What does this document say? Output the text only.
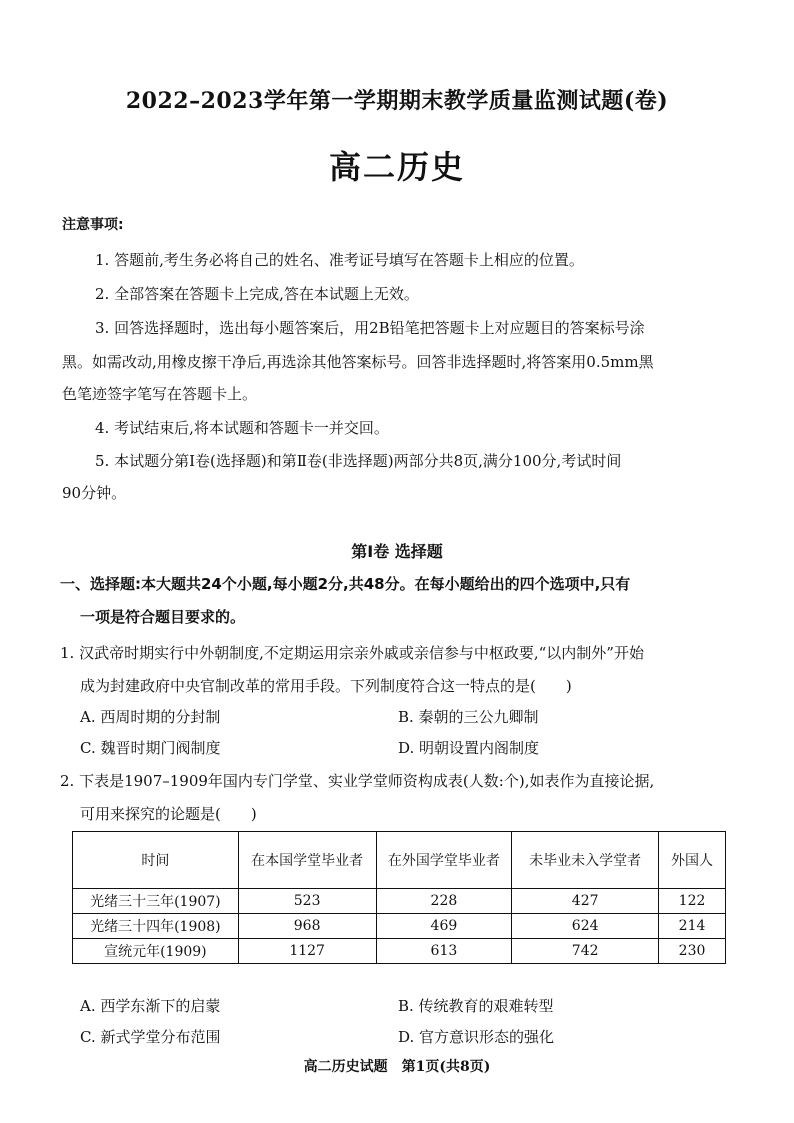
2022–2023学年第一学期期末教学质量监测试题(卷)
高二历史
注意事项:
1. 答题前,考生务必将自己的姓名、准考证号填写在答题卡上相应的位置。
2. 全部答案在答题卡上完成,答在本试题上无效。
3. 回答选择题时，选出每小题答案后，用2B铅笔把答题卡上对应题目的答案标号涂
黑。如需改动,用橡皮擦干净后,再选涂其他答案标号。回答非选择题时,将答案用0.5mm黑
色笔迹签字笔写在答题卡上。
4. 考试结束后,将本试题和答题卡一并交回。
5. 本试题分第Ⅰ卷(选择题)和第Ⅱ卷(非选择题)两部分共8页,满分100分,考试时间
90分钟。
第Ⅰ卷 选择题
一、选择题:本大题共24个小题,每小题2分,共48分。在每小题给出的四个选项中,只有
一项是符合题目要求的。
1. 汉武帝时期实行中外朝制度,不定期运用宗亲外戚或亲信参与中枢政要,“以内制外”开始
成为封建政府中央官制改革的常用手段。下列制度符合这一特点的是(　　)
A. 西周时期的分封制	B. 秦朝的三公九卿制
C. 魏晋时期门阀制度	D. 明朝设置内阁制度
2. 下表是1907–1909年国内专门学堂、实业学堂师资构成表(人数:个),如表作为直接论据,
可用来探究的论题是(　　)
时间	在本国学堂毕业者	在外国学堂毕业者	未毕业未入学堂者	外国人
光绪三十三年(1907)	523	228	427	122
光绪三十四年(1908)	968	469	624	214
宣统元年(1909)	1127	613	742	230
A. 西学东渐下的启蒙	B. 传统教育的艰难转型
C. 新式学堂分布范围	D. 官方意识形态的强化
高二历史试题　第1页(共8页)
